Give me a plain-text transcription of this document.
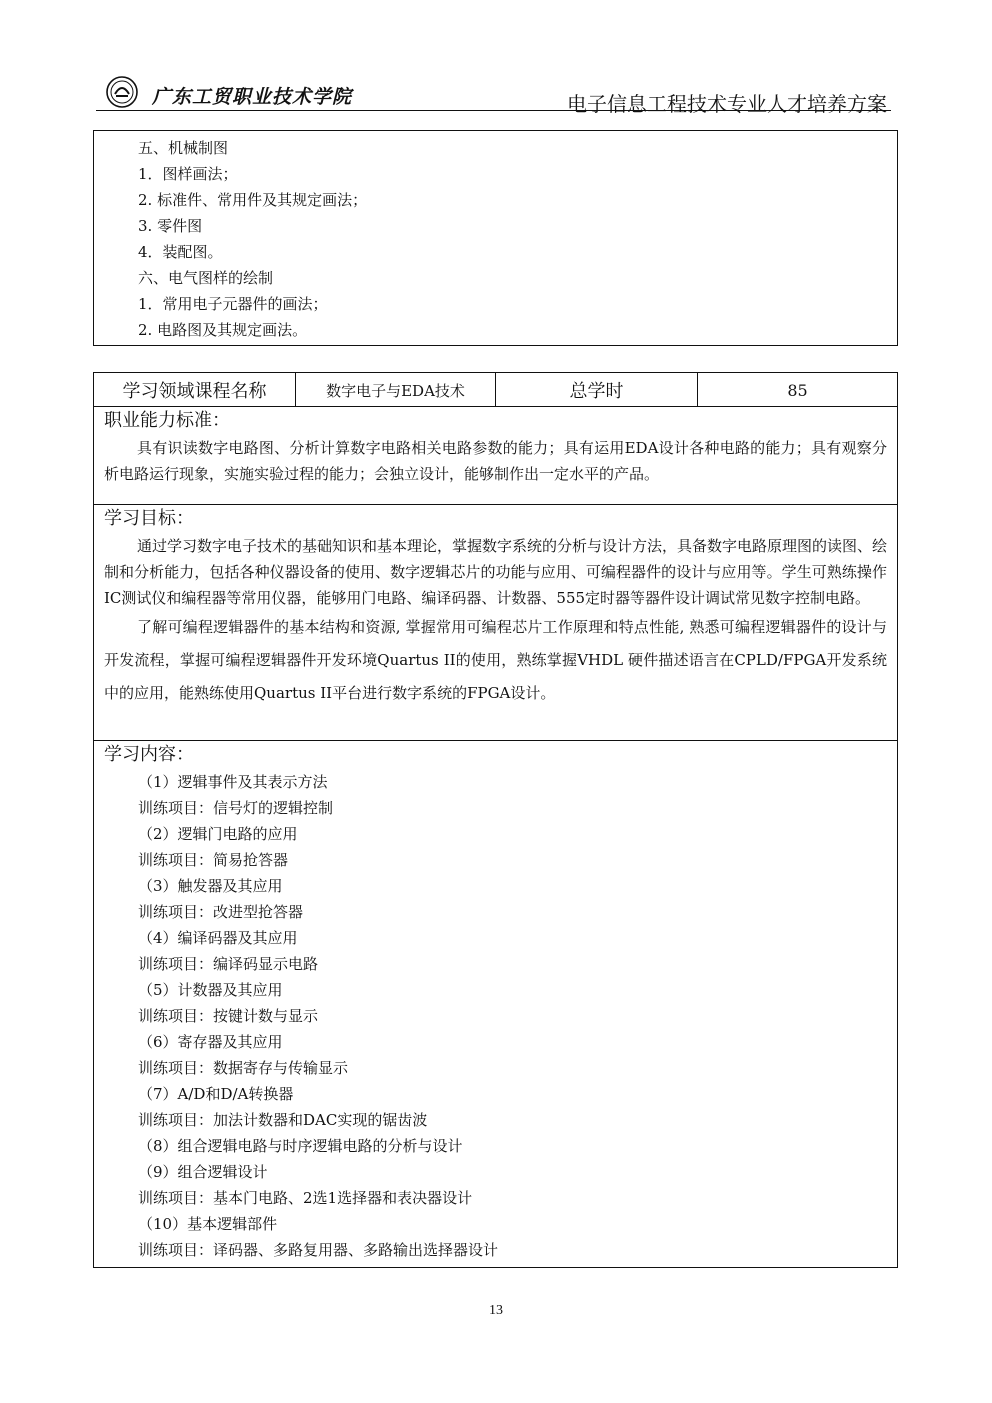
广东工贸职业技术学院	电子信息工程技术专业人才培养方案
五、机械制图
1．图样画法；
2. 标准件、常用件及其规定画法；
3. 零件图
4．装配图。
六、电气图样的绘制
1．常用电子元器件的画法；
2. 电路图及其规定画法。
学习领域课程名称	数字电子与EDA技术	总学时	85
职业能力标准：
具有识读数字电路图、分析计算数字电路相关电路参数的能力；具有运用EDA设计各种电路的能力；具有观察分析电路运行现象，实施实验过程的能力；会独立设计，能够制作出一定水平的产品。
学习目标：
通过学习数字电子技术的基础知识和基本理论，掌握数字系统的分析与设计方法，具备数字电路原理图的读图、绘制和分析能力，包括各种仪器设备的使用、数字逻辑芯片的功能与应用、可编程器件的设计与应用等。学生可熟练操作IC测试仪和编程器等常用仪器，能够用门电路、编译码器、计数器、555定时器等器件设计调试常见数字控制电路。
了解可编程逻辑器件的基本结构和资源, 掌握常用可编程芯片工作原理和特点性能, 熟悉可编程逻辑器件的设计与开发流程，掌握可编程逻辑器件开发环境Quartus II的使用，熟练掌握VHDL 硬件描述语言在CPLD/FPGA开发系统中的应用，能熟练使用Quartus II平台进行数字系统的FPGA设计。
学习内容：
（1）逻辑事件及其表示方法
训练项目：信号灯的逻辑控制
（2）逻辑门电路的应用
训练项目：简易抢答器
（3）触发器及其应用
训练项目：改进型抢答器
（4）编译码器及其应用
训练项目：编译码显示电路
（5）计数器及其应用
训练项目：按键计数与显示
（6）寄存器及其应用
训练项目：数据寄存与传输显示
（7）A/D和D/A转换器
训练项目：加法计数器和DAC实现的锯齿波
（8）组合逻辑电路与时序逻辑电路的分析与设计
（9）组合逻辑设计
训练项目：基本门电路、2选1选择器和表决器设计
（10）基本逻辑部件
训练项目：译码器、多路复用器、多路输出选择器设计
13
